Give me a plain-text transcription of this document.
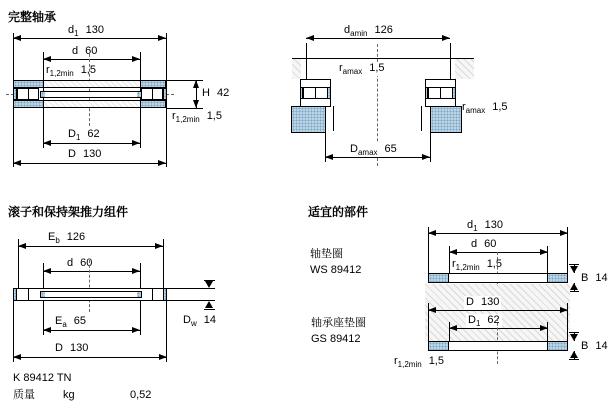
完整轴承
$d_1$ 130
d 60
$r_{1,2min}$ 1,5
H 42
$r_{1,2min}$ 1,5
$D_1$ 62
D 130
$d_{amin}$ 126
$r_{amax}$ 1,5
$r_{amax}$ 1,5
$D_{amax}$ 65
滚子和保持架推力组件
$E_b$ 126
d 60
$D_w$ 14
$E_a$ 65
D 130
K 89412 TN
质量	kg	0,52
适宜的部件
轴垫圈
WS 89412
$d_1$ 130
d 60
$r_{1,2min}$ 1,5
B 14
轴承座垫圈
GS 89412
D 130
$D_1$ 62
B 14
$r_{1,2min}$ 1,5
